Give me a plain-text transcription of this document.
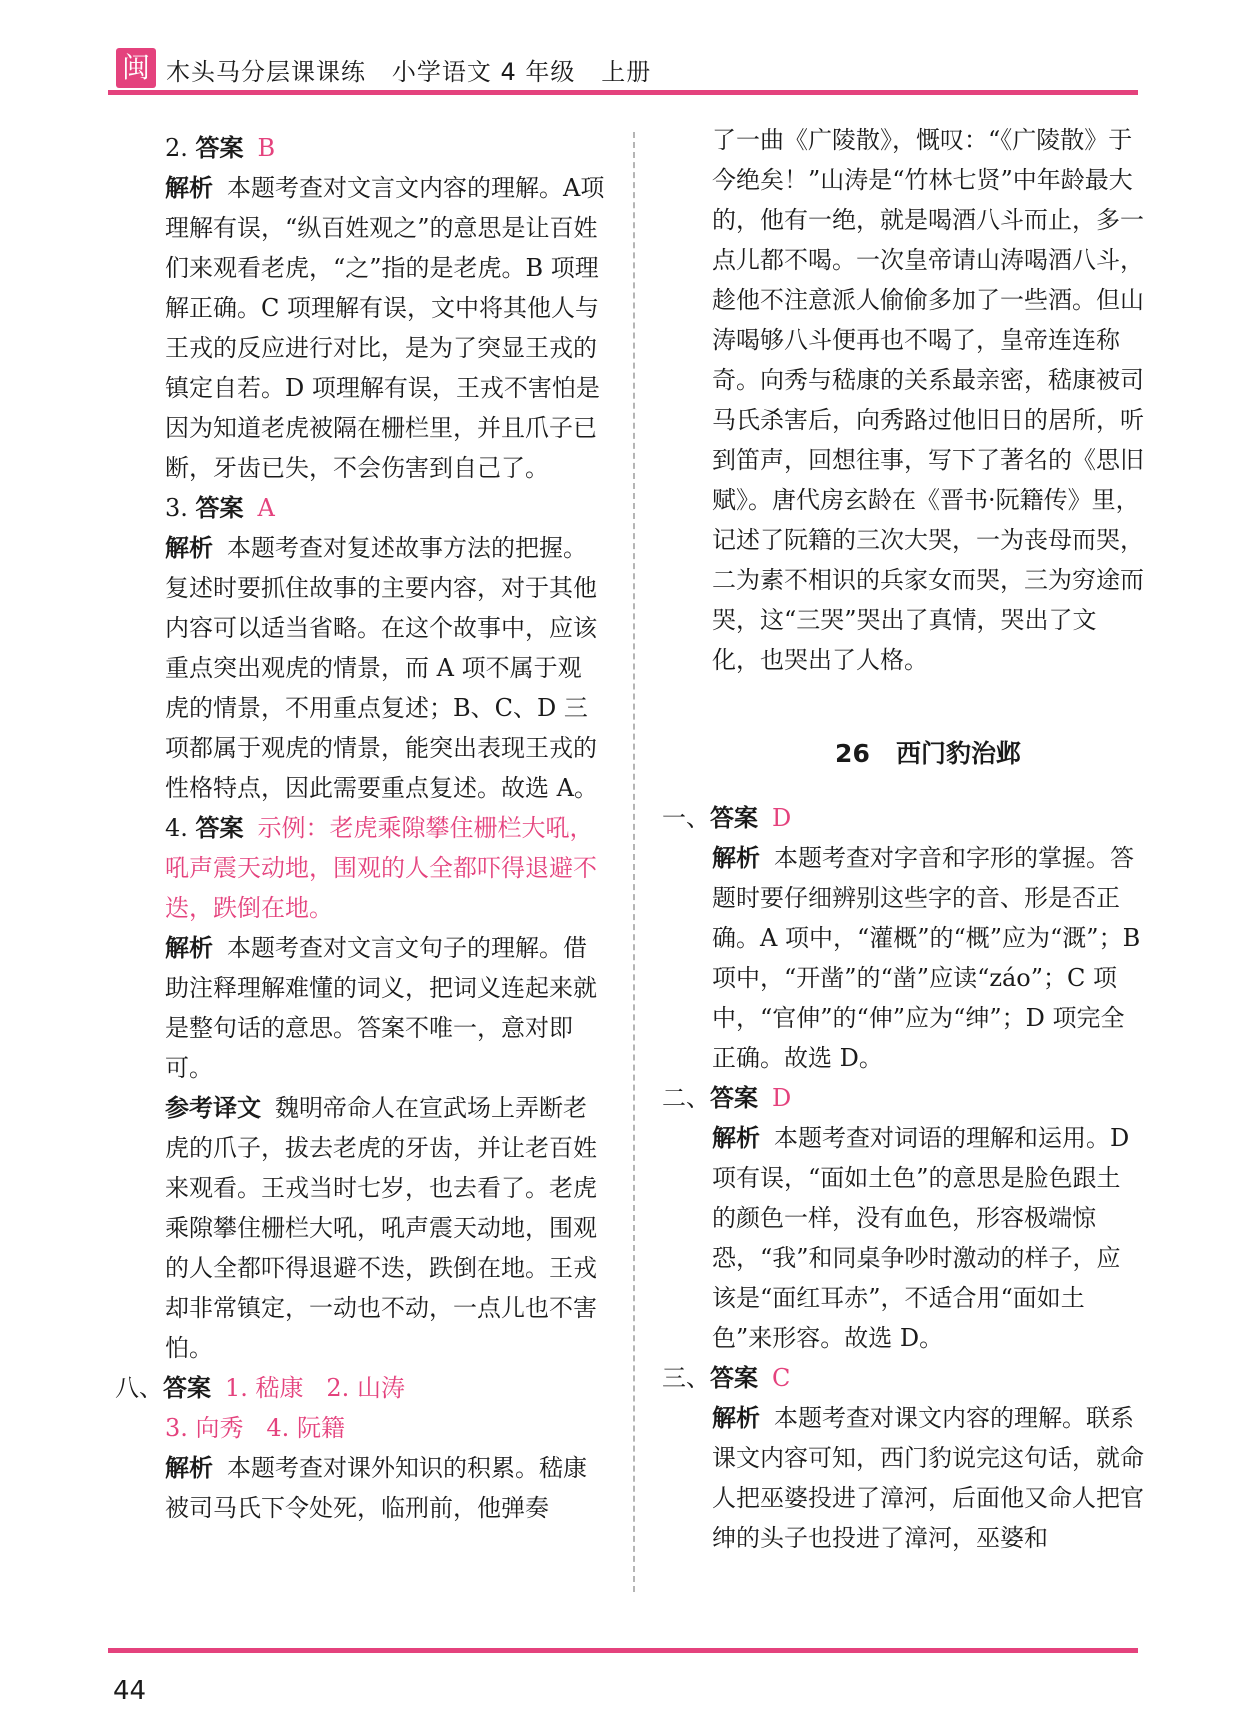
闽 木头马分层课课练   小学语文 4 年级   上册

2. 答案 B

解析 本题考查对文言文内容的理解。A项理解有误，“纵百姓观之”的意思是让百姓们来观看老虎，“之”指的是老虎。B 项理解正确。C 项理解有误，文中将其他人与王戎的反应进行对比，是为了突显王戎的镇定自若。D 项理解有误，王戎不害怕是因为知道老虎被隔在栅栏里，并且爪子已断，牙齿已失，不会伤害到自己了。

3. 答案 A

解析 本题考查对复述故事方法的把握。复述时要抓住故事的主要内容，对于其他内容可以适当省略。在这个故事中，应该重点突出观虎的情景，而 A 项不属于观虎的情景，不用重点复述；B、C、D 三项都属于观虎的情景，能突出表现王戎的性格特点，因此需要重点复述。故选 A。

4. 答案 示例：老虎乘隙攀住栅栏大吼，吼声震天动地，围观的人全都吓得退避不迭，跌倒在地。

解析 本题考查对文言文句子的理解。借助注释理解难懂的词义，把词义连起来就是整句话的意思。答案不唯一，意对即可。

参考译文 魏明帝命人在宣武场上弄断老虎的爪子，拔去老虎的牙齿，并让老百姓来观看。王戎当时七岁，也去看了。老虎乘隙攀住栅栏大吼，吼声震天动地，围观的人全都吓得退避不迭，跌倒在地。王戎却非常镇定，一动也不动，一点儿也不害怕。

八、答案 1. 嵇康   2. 山涛

3. 向秀   4. 阮籍

解析 本题考查对课外知识的积累。嵇康被司马氏下令处死，临刑前，他弹奏

了一曲《广陵散》，慨叹：“《广陵散》于今绝矣！”山涛是“竹林七贤”中年龄最大的，他有一绝，就是喝酒八斗而止，多一点儿都不喝。一次皇帝请山涛喝酒八斗，趁他不注意派人偷偷多加了一些酒。但山涛喝够八斗便再也不喝了，皇帝连连称奇。向秀与嵇康的关系最亲密，嵇康被司马氏杀害后，向秀路过他旧日的居所，听到笛声，回想往事，写下了著名的《思旧赋》。唐代房玄龄在《晋书·阮籍传》里，记述了阮籍的三次大哭，一为丧母而哭，二为素不相识的兵家女而哭，三为穷途而哭，这“三哭”哭出了真情，哭出了文化，也哭出了人格。

26   西门豹治邺

一、答案 D

解析 本题考查对字音和字形的掌握。答题时要仔细辨别这些字的音、形是否正确。A 项中，“灌概”的“概”应为“溉”；B 项中，“开凿”的“凿”应读“záo”；C 项中，“官伸”的“伸”应为“绅”；D 项完全正确。故选 D。

二、答案 D

解析 本题考查对词语的理解和运用。D项有误，“面如土色”的意思是脸色跟土的颜色一样，没有血色，形容极端惊恐，“我”和同桌争吵时激动的样子，应该是“面红耳赤”，不适合用“面如土色”来形容。故选 D。

三、答案 C

解析 本题考查对课文内容的理解。联系课文内容可知，西门豹说完这句话，就命人把巫婆投进了漳河，后面他又命人把官绅的头子也投进了漳河，巫婆和

44
